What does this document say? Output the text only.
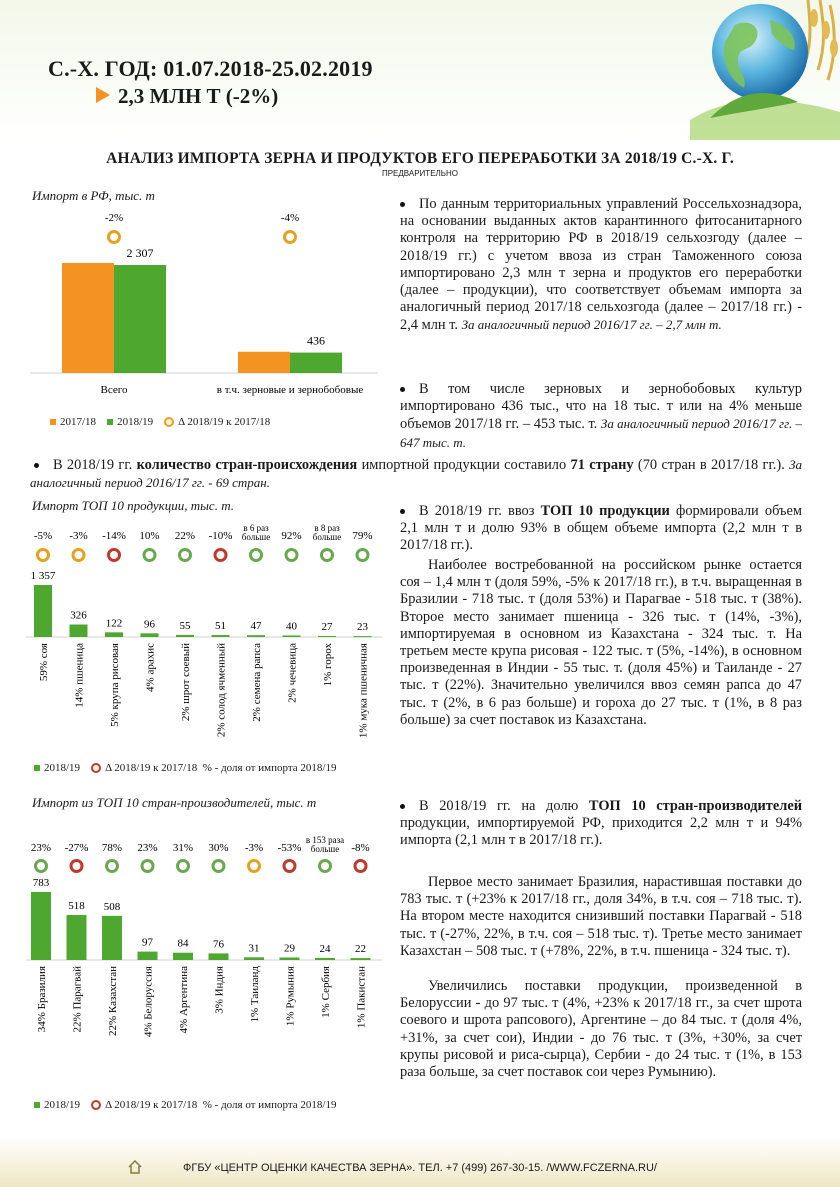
С.-Х. ГОД: 01.07.2018-25.02.2019
2,3 МЛН Т (-2%)
АНАЛИЗ ИМПОРТА ЗЕРНА И ПРОДУКТОВ ЕГО ПЕРЕРАБОТКИ ЗА 2018/19 С.-Х. Г.
ПРЕДВАРИТЕЛЬНО
Импорт в РФ, тыс. т
2 307
-2%
Всего
436
-4%
в т.ч. зерновые и зернобобовые
2017/18 2018/19 Δ 2018/19 к 2017/18
По данным территориальных управлений Россельхознадзора, на основании выданных актов карантинного фитосанитарного контроля на территорию РФ в 2018/19 сельхозгоду (далее – 2018/19 гг.) с учетом ввоза из стран Таможенного союза импортировано 2,3 млн т зерна и продуктов его переработки (далее – продукции), что соответствует объемам импорта за аналогичный период 2017/18 сельхозгода (далее – 2017/18 гг.) - 2,4 млн т. За аналогичный период 2016/17 гг. – 2,7 млн т.
В том числе зерновых и зернобобовых культур импортировано 436 тыс., что на 18 тыс. т или на 4% меньше объемов 2017/18 гг. – 453 тыс. т. За аналогичный период 2016/17 гг. – 647 тыс. т.
В 2018/19 гг. количество стран-происхождения импортной продукции составило 71 страну (70 стран в 2017/18 гг.). За аналогичный период 2016/17 гг. - 69 стран.
Импорт ТОП 10 продукции, тыс. т.
1 357
-5%
59% соя
326
-3%
14% пшеница
122
-14%
5% крупа рисовая
96
10%
4% арахис
55
22%
2% шрот соевый
51
-10%
2% солод ячменный
47
в 6 раз
больше
2% семена рапса
40
92%
2% чечевица
27
в 8 раз
больше
1% горох
23
79%
1% мука пшеничная
2018/19 Δ 2018/19 к 2017/18 % - доля от импорта 2018/19
В 2018/19 гг. ввоз ТОП 10 продукции формировали объем 2,1 млн т и долю 93% в общем объеме импорта (2,2 млн т в 2017/18 гг.).
Наиболее востребованной на российском рынке остается соя – 1,4 млн т (доля 59%, -5% к 2017/18 гг.), в т.ч. выращенная в Бразилии - 718 тыс. т (доля 53%) и Парагвае - 518 тыс. т (38%). Второе место занимает пшеница - 326 тыс. т (14%, -3%), импортируемая в основном из Казахстана - 324 тыс. т. На третьем месте крупа рисовая - 122 тыс. т (5%, -14%), в основном произведенная в Индии - 55 тыс. т. (доля 45%) и Таиланде - 27 тыс. т (22%). Значительно увеличился ввоз семян рапса до 47 тыс. т (2%, в 6 раз больше) и гороха до 27 тыс. т (1%, в 8 раз больше) за счет поставок из Казахстана.
Импорт из ТОП 10 стран-производителей, тыс. т
783
23%
34% Бразилия
518
-27%
22% Парагвай
508
78%
22% Казахстан
97
23%
4% Белоруссия
84
31%
4% Аргентина
76
30%
3% Индия
31
-3%
1% Таиланд
29
-53%
1% Румыния
24
в 153 раза
больше
1% Сербия
22
-8%
1% Пакистан
2018/19 Δ 2018/19 к 2017/18 % - доля от импорта 2018/19
В 2018/19 гг. на долю ТОП 10 стран-производителей продукции, импортируемой РФ, приходится 2,2 млн т и 94% импорта (2,1 млн т в 2017/18 гг.).
Первое место занимает Бразилия, нарастившая поставки до 783 тыс. т (+23% к 2017/18 гг., доля 34%, в т.ч. соя – 718 тыс. т). На втором месте находится снизивший поставки Парагвай - 518 тыс. т (-27%, 22%, в т.ч. соя – 518 тыс. т). Третье место занимает Казахстан – 508 тыс. т (+78%, 22%, в т.ч. пшеница - 324 тыс. т).
Увеличились поставки продукции, произведенной в Белоруссии - до 97 тыс. т (4%, +23% к 2017/18 гг., за счет шрота соевого и шрота рапсового), Аргентине – до 84 тыс. т (доля 4%, +31%, за счет сои), Индии - до 76 тыс. т (3%, +30%, за счет крупы рисовой и риса-сырца), Сербии - до 24 тыс. т (1%, в 153 раза больше, за счет поставок сои через Румынию).
ФГБУ «ЦЕНТР ОЦЕНКИ КАЧЕСТВА ЗЕРНА». ТЕЛ. +7 (499) 267-30-15. /WWW.FCZERNA.RU/
